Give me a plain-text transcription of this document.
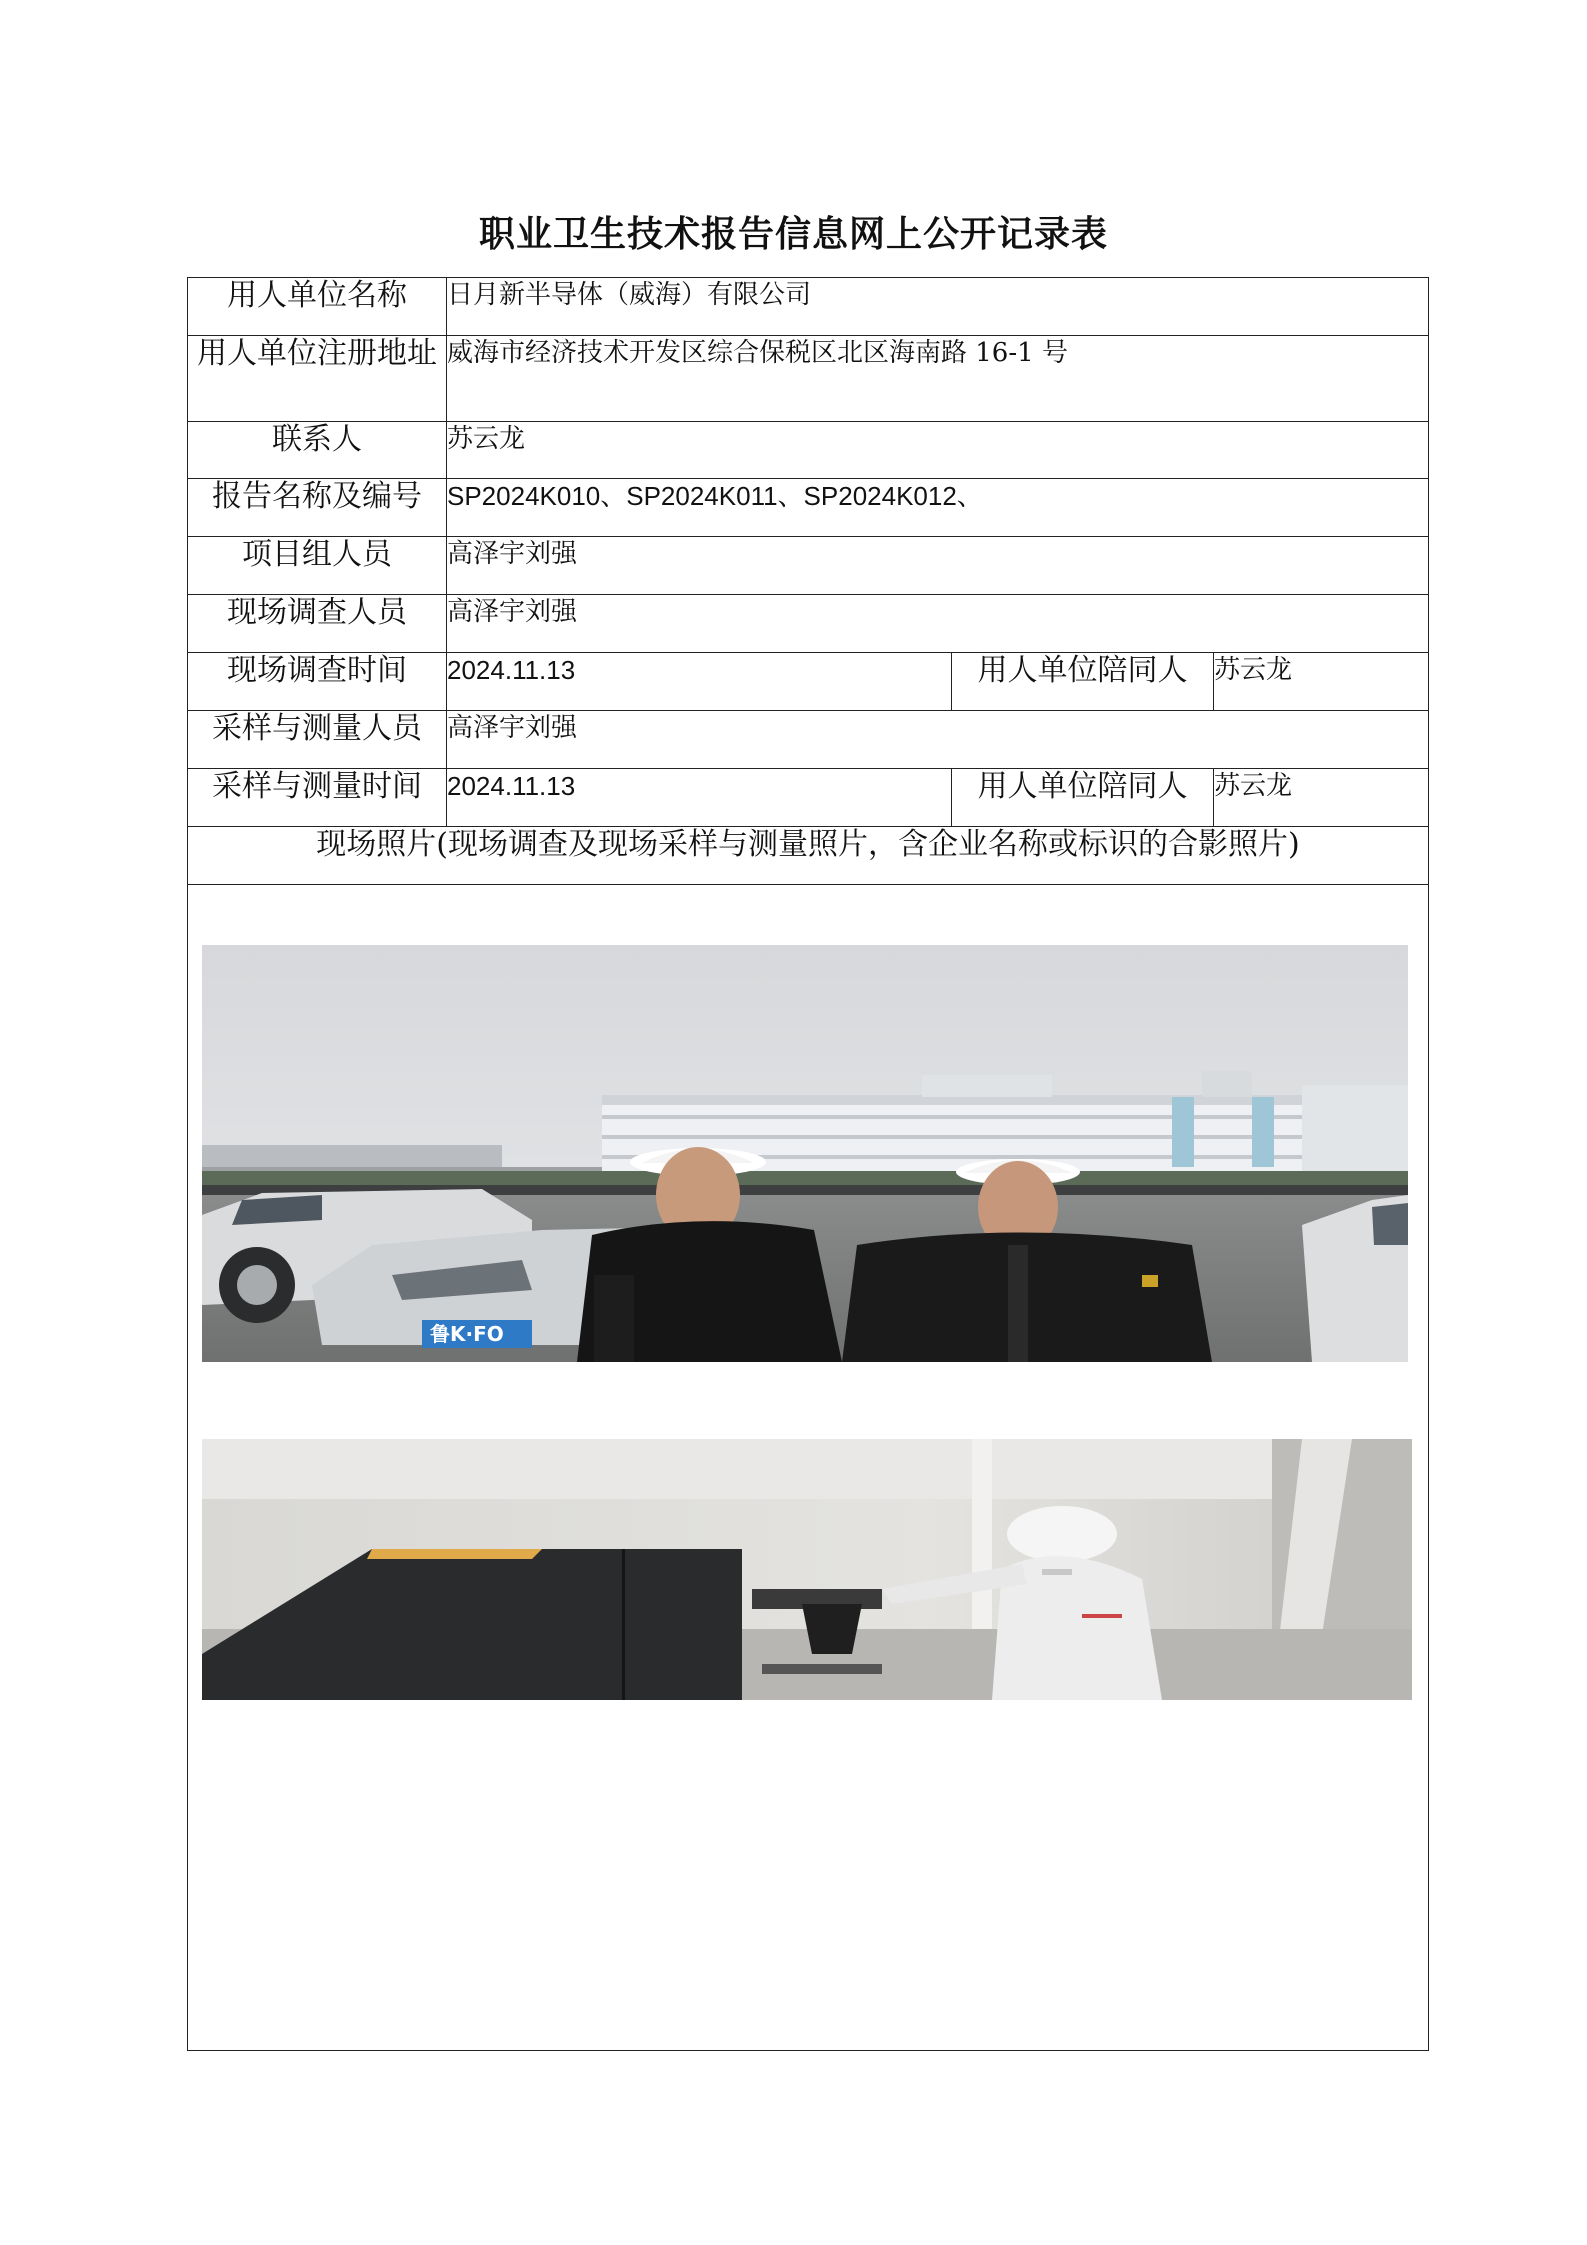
职业卫生技术报告信息网上公开记录表
用人单位名称	日月新半导体（威海）有限公司		
用人单位注册地址	威海市经济技术开发区综合保税区北区海南路 16-1 号		
联系人	苏云龙		
报告名称及编号	SP2024K010、SP2024K011、SP2024K012、		
项目组人员	高泽宇刘强		
现场调查人员	高泽宇刘强		
现场调查时间	2024.11.13	用人单位陪同人	苏云龙
采样与测量人员	高泽宇刘强		
采样与测量时间	2024.11.13	用人单位陪同人	苏云龙
现场照片(现场调查及现场采样与测量照片，含企业名称或标识的合影照片)			

鲁K·FO			
